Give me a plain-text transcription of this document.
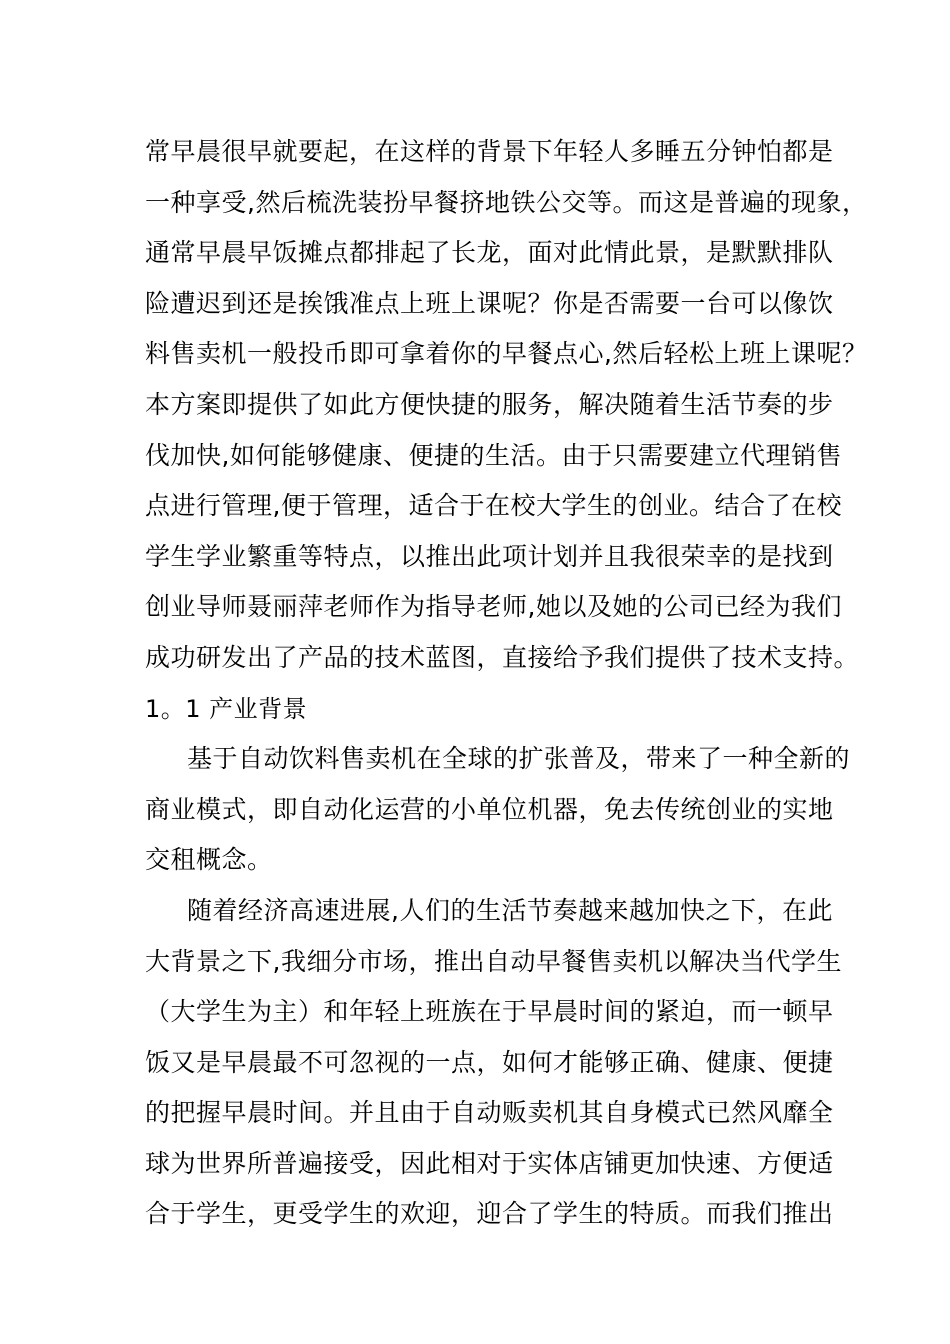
常早晨很早就要起，在这样的背景下年轻人多睡五分钟怕都是
一种享受,然后梳洗装扮早餐挤地铁公交等。而这是普遍的现象，
通常早晨早饭摊点都排起了长龙，面对此情此景，是默默排队
险遭迟到还是挨饿准点上班上课呢？你是否需要一台可以像饮
料售卖机一般投币即可拿着你的早餐点心,然后轻松上班上课呢？
本方案即提供了如此方便快捷的服务，解决随着生活节奏的步
伐加快,如何能够健康、便捷的生活。由于只需要建立代理销售
点进行管理,便于管理，适合于在校大学生的创业。结合了在校
学生学业繁重等特点，以推出此项计划并且我很荣幸的是找到
创业导师聂丽萍老师作为指导老师,她以及她的公司已经为我们
成功研发出了产品的技术蓝图，直接给予我们提供了技术支持。
1。1 产业背景
基于自动饮料售卖机在全球的扩张普及，带来了一种全新的
商业模式，即自动化运营的小单位机器，免去传统创业的实地
交租概念。
随着经济高速进展,人们的生活节奏越来越加快之下，在此
大背景之下,我细分市场，推出自动早餐售卖机以解决当代学生
（大学生为主）和年轻上班族在于早晨时间的紧迫，而一顿早
饭又是早晨最不可忽视的一点，如何才能够正确、健康、便捷
的把握早晨时间。并且由于自动贩卖机其自身模式已然风靡全
球为世界所普遍接受，因此相对于实体店铺更加快速、方便适
合于学生，更受学生的欢迎，迎合了学生的特质。而我们推出
